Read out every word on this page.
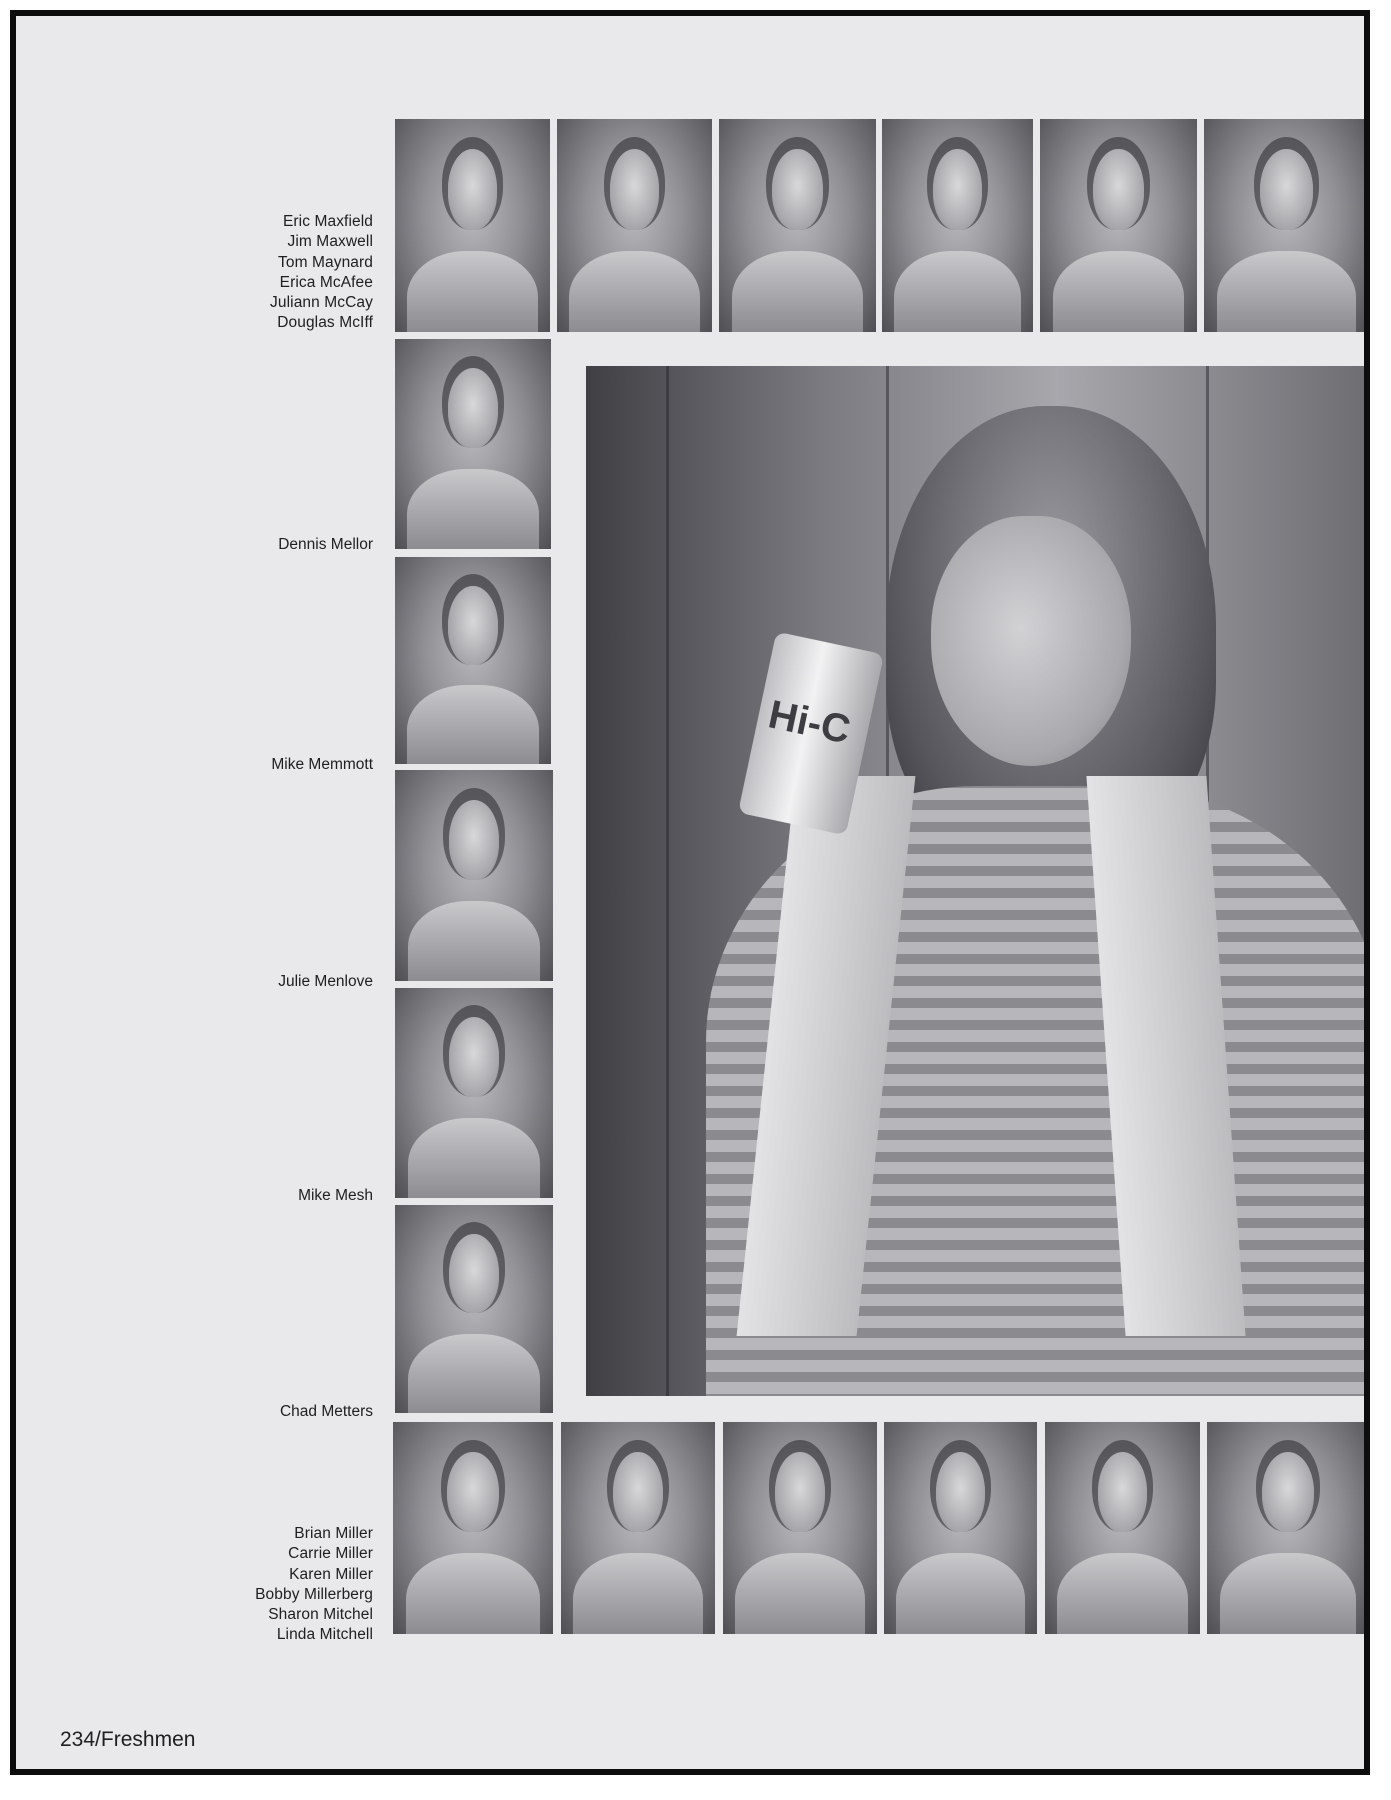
Eric Maxfield
Jim Maxwell
Tom Maynard
Erica McAfee
Juliann McCay
Douglas McIff
Dennis Mellor
Mike Memmott
Julie Menlove
Mike Mesh
Chad Metters
Hi-C
Brian Miller
Carrie Miller
Karen Miller
Bobby Millerberg
Sharon Mitchel
Linda Mitchell
234/Freshmen
